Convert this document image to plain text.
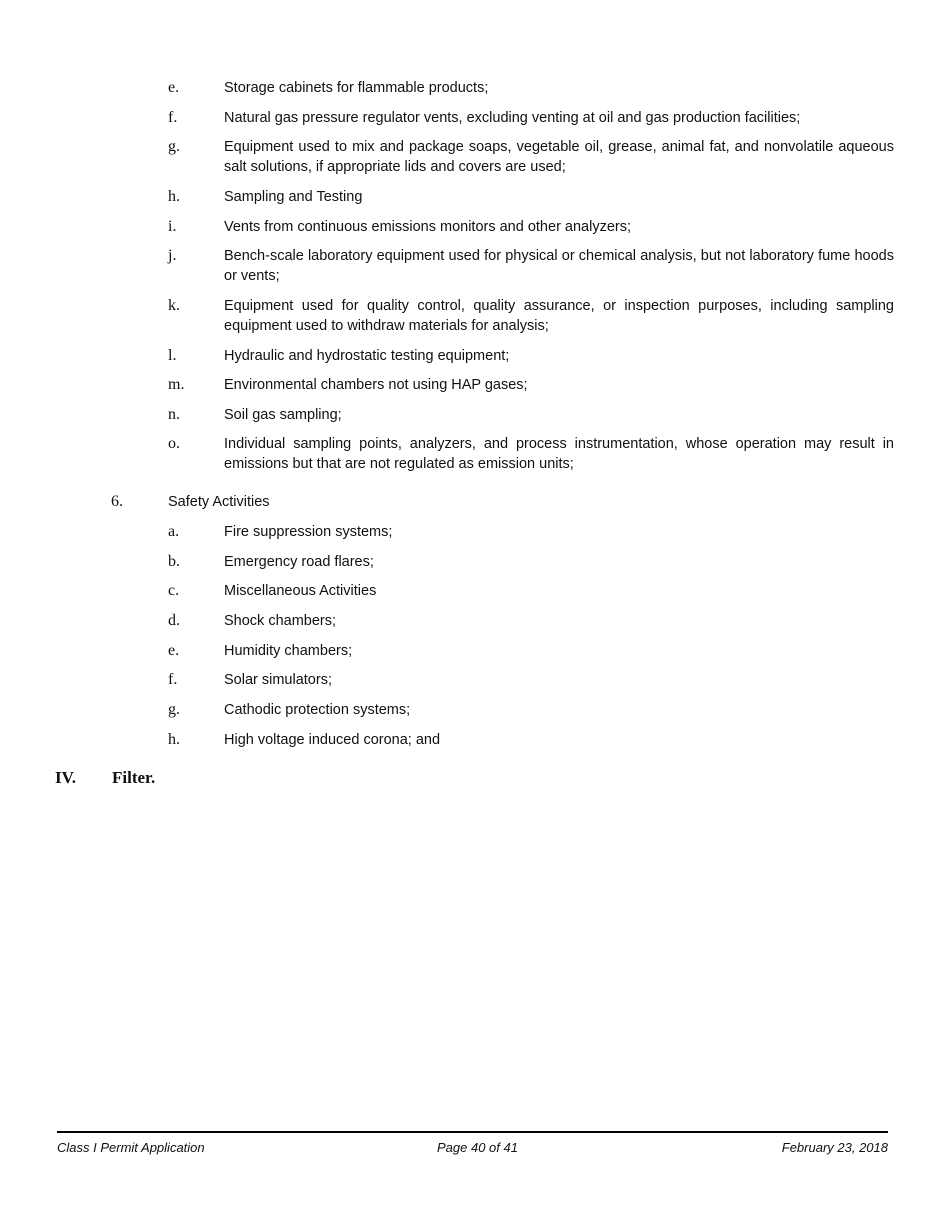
e.	Storage cabinets for flammable products;
f.	Natural gas pressure regulator vents, excluding venting at oil and gas production facilities;
g.	Equipment used to mix and package soaps, vegetable oil, grease, animal fat, and nonvolatile aqueous salt solutions, if appropriate lids and covers are used;
h.	Sampling and Testing
i.	Vents from continuous emissions monitors and other analyzers;
j.	Bench-scale laboratory equipment used for physical or chemical analysis, but not laboratory fume hoods or vents;
k.	Equipment used for quality control, quality assurance, or inspection purposes, including sampling equipment used to withdraw materials for analysis;
l.	Hydraulic and hydrostatic testing equipment;
m.	Environmental chambers not using HAP gases;
n.	Soil gas sampling;
o.	Individual sampling points, analyzers, and process instrumentation, whose operation may result in emissions but that are not regulated as emission units;
6.	Safety Activities
a.	Fire suppression systems;
b.	Emergency road flares;
c.	Miscellaneous Activities
d.	Shock chambers;
e.	Humidity chambers;
f.	Solar simulators;
g.	Cathodic protection systems;
h.	High voltage induced corona; and
IV. Filter.
Class I Permit Application	Page 40 of 41	February 23, 2018
